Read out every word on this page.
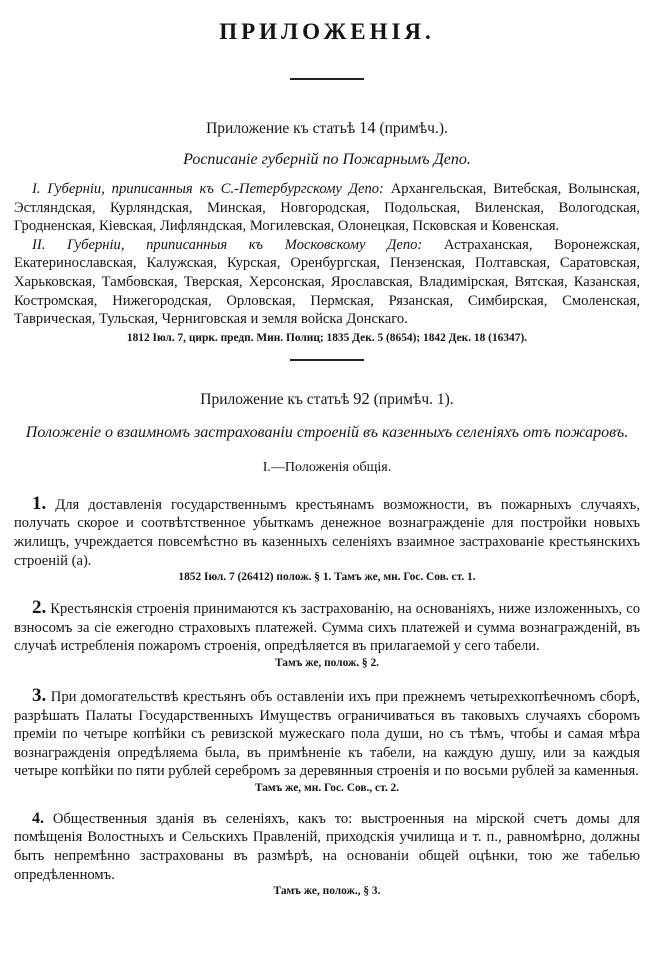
ПРИЛОЖЕНІЯ.

Приложение къ статьѣ 14 (примѣч.).

Росписаніе губерній по Пожарнымъ Депо.

I. Губерніи, приписанныя къ С.-Петербургскому Депо: Архангельская, Витебская, Волынская, Эстляндская, Курляндская, Минская, Новгородская, Подольская, Виленская, Вологодская, Гродненская, Кіевская, Лифляндская, Могилевская, Олонецкая, Псковская и Ковенская.

II. Губерніи, приписанныя къ Московскому Депо: Астраханская, Воронежская, Екатеринославская, Калужская, Курская, Оренбургская, Пензенская, Полтавская, Саратовская, Харьковская, Тамбовская, Тверская, Херсонская, Ярославская, Владимірская, Вятская, Казанская, Костромская, Нижегородская, Орловская, Пермская, Рязанская, Симбирская, Смоленская, Таврическая, Тульская, Черниговская и земля войска Донскаго.

1812 Іюл. 7, цирк. предп. Мин. Полиц; 1835 Дек. 5 (8654); 1842 Дек. 18 (16347).

Приложение къ статьѣ 92 (примѣч. 1).

Положеніе о взаимномъ застрахованіи строеній въ казенныхъ селеніяхъ отъ пожаровъ.

I.—Положенія общія.

1. Для доставленія государственнымъ крестьянамъ возможности, въ пожарныхъ случаяхъ, получать скорое и соотвѣтственное убыткамъ денежное вознагражденіе для постройки новыхъ жилищъ, учреждается повсемѣстно въ казенныхъ селеніяхъ взаимное застрахованіе крестьянскихъ строеній (а).

1852 Іюл. 7 (26412) полож. § 1. Тамъ же, мн. Гос. Сов. ст. 1.

2. Крестьянскія строенія принимаются къ застрахованію, на основаніяхъ, ниже изложенныхъ, со взносомъ за сіе ежегодно страховыхъ платежей. Сумма сихъ платежей и сумма вознагражденій, въ случаѣ истребленія пожаромъ строенія, опредѣляется въ прилагаемой у сего табели.

Тамъ же, полож. § 2.

3. При домогательствѣ крестьянъ объ оставленіи ихъ при прежнемъ четырехкопѣечномъ сборѣ, разрѣшать Палаты Государственныхъ Имуществъ ограничиваться въ таковыхъ случаяхъ сборомъ преміи по четыре копѣйки съ ревизской мужескаго пола души, но съ тѣмъ, чтобы и самая мѣра вознагражденія опредѣляема была, въ примѣненіе къ табели, на каждую душу, или за каждыя четыре копѣйки по пяти рублей серебромъ за деревянныя строенія и по восьми рублей за каменныя.

Тамъ же, мн. Гос. Сов., ст. 2.

4. Общественныя зданія въ селеніяхъ, какъ то: выстроенныя на мірской счетъ домы для помѣщенія Волостныхъ и Сельскихъ Правленій, приходскія училища и т. п., равномѣрно, должны быть непремѣнно застрахованы въ размѣрѣ, на основаніи общей оцѣнки, тою же табелью опредѣленномъ.

Тамъ же, полож., § 3.
